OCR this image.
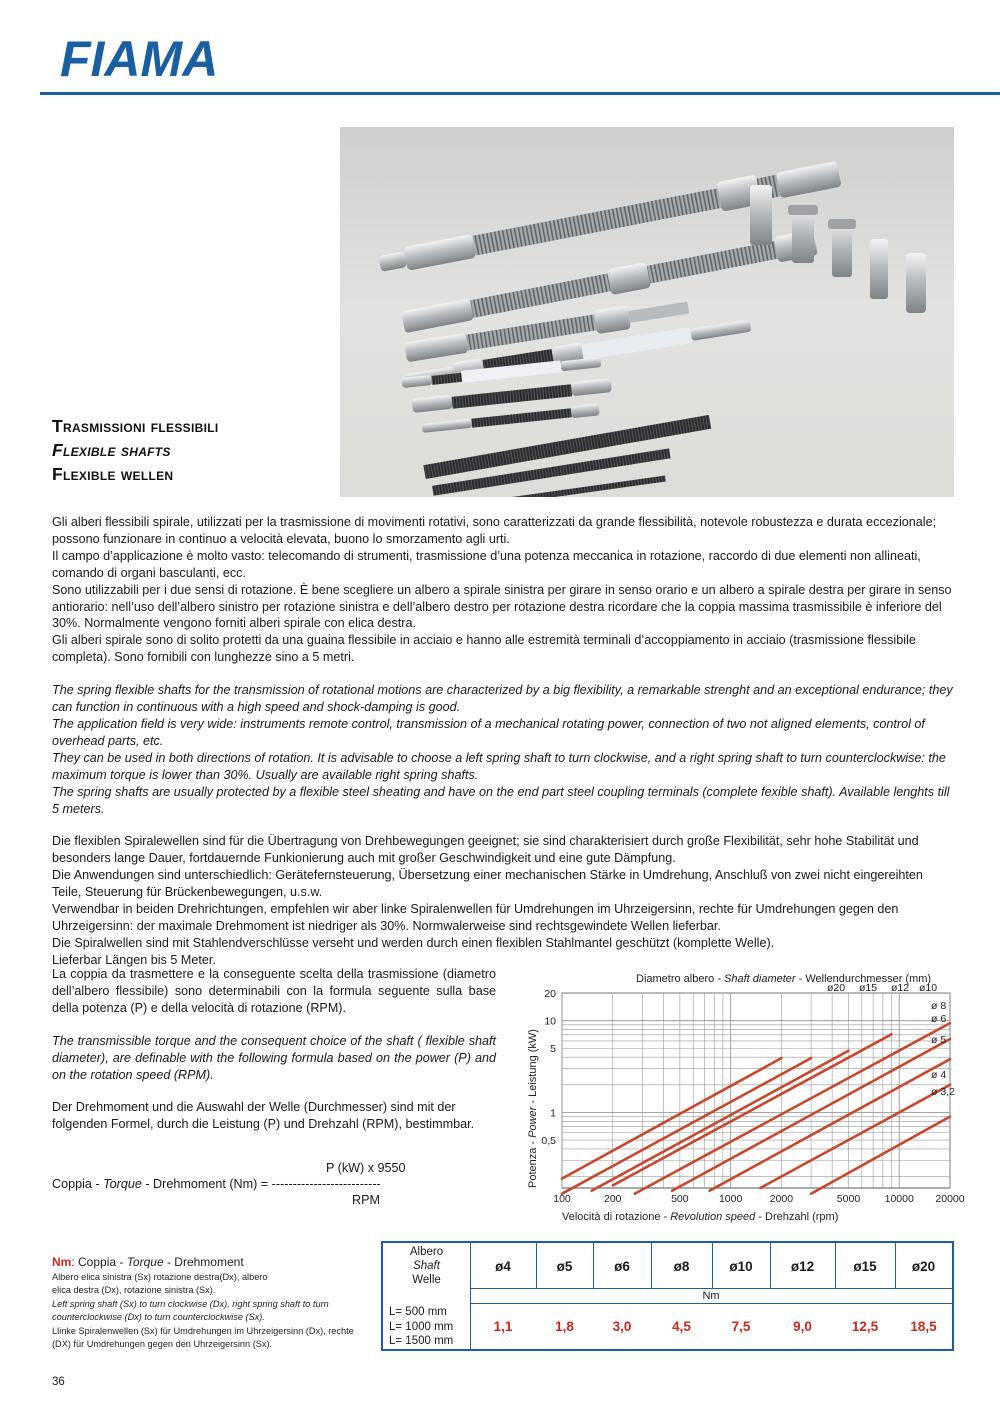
FIAMA
Trasmissioni flessibili
Flexible shafts
Flexible wellen

Gli alberi flessibili spirale, utilizzati per la trasmissione di movimenti rotativi, sono caratterizzati da grande flessibilità, notevole robustezza e durata eccezionale; possono funzionare in continuo a velocità elevata, buono lo smorzamento agli urti.

Il campo d’applicazione è molto vasto: telecomando di strumenti, trasmissione d’una potenza meccanica in rotazione, raccordo di due elementi non allineati, comando di organi basculanti, ecc.

Sono utilizzabili per i due sensi di rotazione. È bene scegliere un albero a spirale sinistra per girare in senso orario e un albero a spirale destra per girare in senso antiorario: nell’uso dell’albero sinistro per rotazione sinistra e dell’albero destro per rotazione destra ricordare che la coppia massima trasmissibile è inferiore del 30%. Normalmente vengono forniti alberi spirale con elica destra.

Gli alberi spirale sono di solito protetti da una guaina flessibile in acciaio e hanno alle estremità terminali d’accoppiamento in acciaio (trasmissione flessibile completa). Sono fornibili con lunghezze sino a 5 metri.

The spring flexible shafts for the transmission of rotational motions are characterized by a big flexibility, a remarkable strenght and an exceptional endurance; they can function in continuous with a high speed and shock-damping is good.

The application field is very wide: instruments remote control, transmission of a mechanical rotating power, connection of two not aligned elements, control of overhead parts, etc.

They can be used in both directions of rotation. It is advisable to choose a left spring shaft to turn clockwise, and a right spring shaft to turn counterclockwise: the maximum torque is lower than 30%. Usually are available right spring shafts.

The spring shafts are usually protected by a flexible steel sheating and have on the end part steel coupling terminals (complete fexible shaft). Available lenghts till 5 meters.

Die flexiblen Spiralewellen sind für die Übertragung von Drehbewegungen geeignet; sie sind charakterisiert durch große Flexibilität, sehr hohe Stabilität und besonders lange Dauer, fortdauernde Funkionierung auch mit großer Geschwindigkeit und eine gute Dämpfung.

Die Anwendungen sind unterschiedlich: Gerätefernsteuerung, Übersetzung einer mechanischen Stärke in Umdrehung, Anschluß von zwei nicht eingereihten Teile, Steuerung für Brückenbewegungen, u.s.w.

Verwendbar in beiden Drehrichtungen, empfehlen wir aber linke Spiralenwellen für Umdrehungen im Uhrzeigersinn, rechte für Umdrehungen gegen den Uhrzeigersinn: der maximale Drehmoment ist niedriger als 30%. Normwalerweise sind rechtsgewindete Wellen lieferbar.

Die Spiralwellen sind mit Stahlendverschlüsse verseht und werden durch einen flexiblen Stahlmantel geschützt (komplette Welle).

Lieferbar Längen bis 5 Meter.

La coppia da trasmettere e la conseguente scelta della trasmissione (diametro dell’albero flessibile) sono determinabili con la formula seguente sulla base della potenza (P) e della velocità di rotazione (RPM).

The transmissible torque and the consequent choice of the shaft ( flexible shaft diameter), are definable with the following formula based on the power (P) and on the rotation speed (RPM).

Der Drehmoment und die Auswahl der Welle (Durchmesser) sind mit der folgenden Formel, durch die Leistung (P) und Drehzahl (RPM), bestimmbar.

P (kW) x 9550
Coppia - Torque - Drehmoment (Nm) = --------------------------
RPM
Diametro albero - Shaft diameter - Wellendurchmesser (mm)
Velocità di rotazione - Revolution speed - Drehzahl (rpm)
Potenza - Power - Leistung (kW)
100	200	500	1000	2000	5000 10000 20000
0,5
1
5
10
20	ø20 ø15 ø12 ø10
ø 8
ø 6
ø 5
ø 4
ø 3,2
Nm: Coppia - Torque - Drehmoment

Albero elica sinistra (Sx) rotazione destra(Dx), albero elica destra (Dx), rotazione sinistra (Sx).

Left spring shaft (Sx) to turn clockwise (Dx), right spring shaft to turn counterclockwise (Dx) to turn counterclockwise (Sx).

Llinke Spiralenwellen (Sx) für Umdrehungen im Uhrzeigersinn (Dx), rechte (DX) für Umdrehungen gegen den Uhrzeigersinn (Sx).

Albero
Shaft
Welle
ø4	ø5	ø6	ø8	ø10	ø12	ø15	ø20
Nm
L= 500 mm
L= 1000 mm
L= 1500 mm
1,1	1,8	3,0	4,5	7,5	9,0	12,5	18,5
36
